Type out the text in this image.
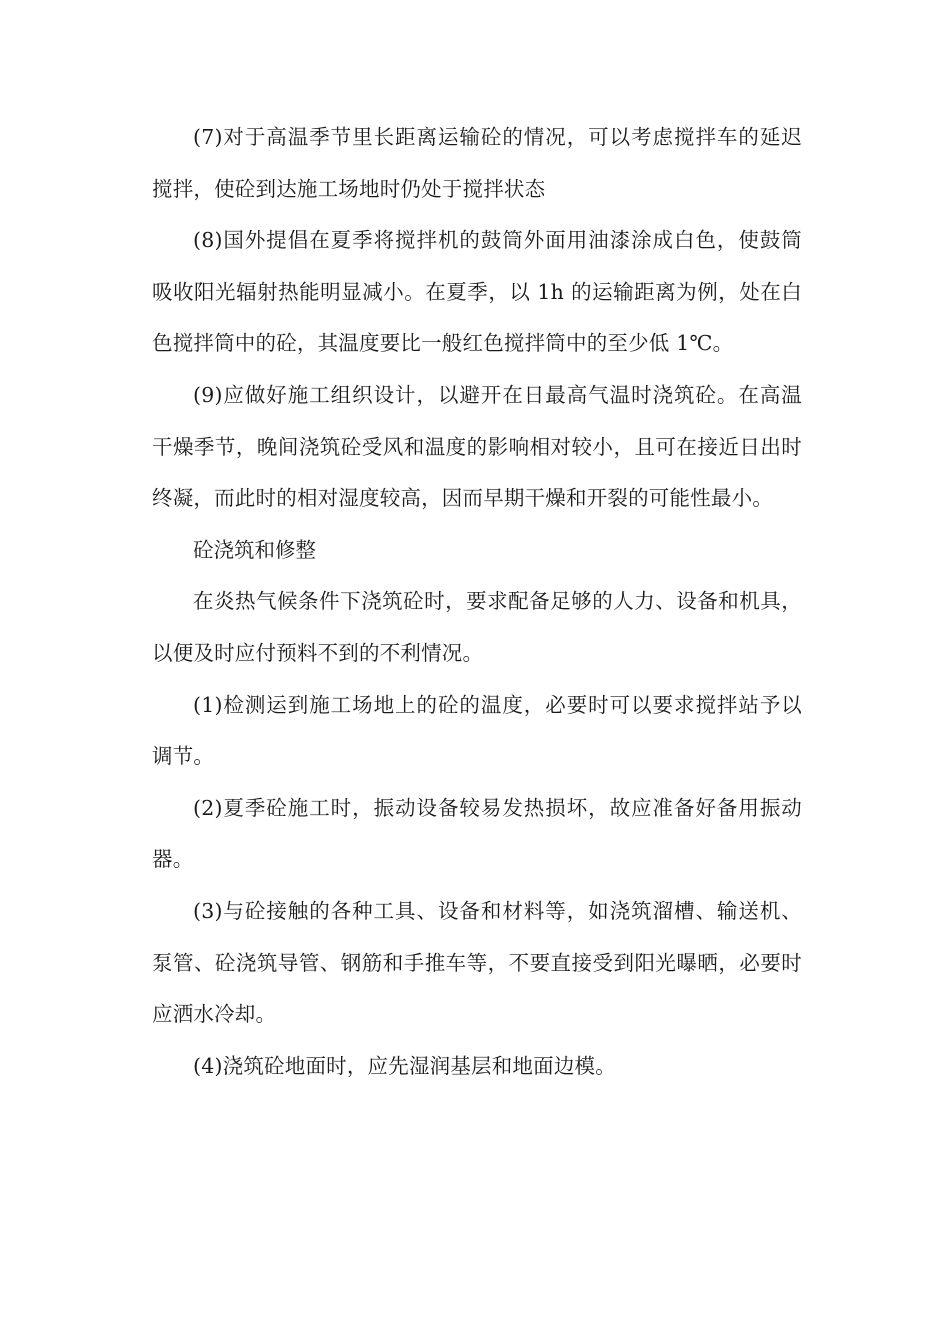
(7)对于高温季节里长距离运输砼的情况，可以考虑搅拌车的延迟搅拌，使砼到达施工场地时仍处于搅拌状态

(8)国外提倡在夏季将搅拌机的鼓筒外面用油漆涂成白色，使鼓筒吸收阳光辐射热能明显减小。在夏季，以 1h 的运输距离为例，处在白色搅拌筒中的砼，其温度要比一般红色搅拌筒中的至少低 1℃。

(9)应做好施工组织设计，以避开在日最高气温时浇筑砼。在高温干燥季节，晚间浇筑砼受风和温度的影响相对较小，且可在接近日出时终凝，而此时的相对湿度较高，因而早期干燥和开裂的可能性最小。

砼浇筑和修整

在炎热气候条件下浇筑砼时，要求配备足够的人力、设备和机具，以便及时应付预料不到的不利情况。

(1)检测运到施工场地上的砼的温度，必要时可以要求搅拌站予以调节。

(2)夏季砼施工时，振动设备较易发热损坏，故应准备好备用振动器。

(3)与砼接触的各种工具、设备和材料等，如浇筑溜槽、输送机、泵管、砼浇筑导管、钢筋和手推车等，不要直接受到阳光曝晒，必要时应洒水冷却。

(4)浇筑砼地面时，应先湿润基层和地面边模。
